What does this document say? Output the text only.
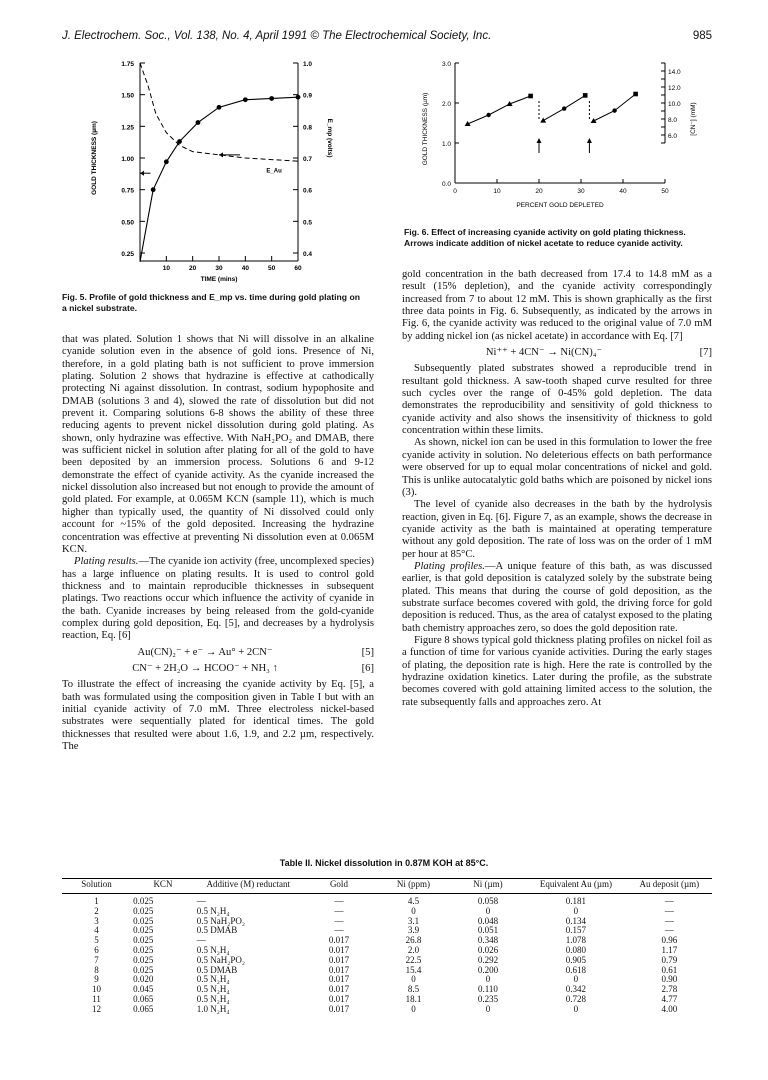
J. Electrochem. Soc., Vol. 138, No. 4, April 1991 © The Electrochemical Society, Inc.	985
0.25
0.50
0.75
1.00
1.25
1.50
1.75
0.4
0.5
0.6
0.7
0.8
0.9
1.0
10	20	30	40	50	60
TIME (mins)
GOLD THICKNESS (µm)	E_mp (volts)
E_Au
Fig. 5. Profile of gold thickness and E_mp vs. time during gold plating on a nickel substrate.
0.0
1.0
2.0
3.0
6.0
8.0
10.0
12.0
14.0
0	10	20	30	40	50
PERCENT GOLD DEPLETED
GOLD THICKNESS (µm)	[CN⁻] (mM)
Fig. 6. Effect of increasing cyanide activity on gold plating thickness. Arrows indicate addition of nickel acetate to reduce cyanide activity.

that was plated. Solution 1 shows that Ni will dissolve in an alkaline cyanide solution even in the absence of gold ions. Presence of Ni, therefore, in a gold plating bath is not sufficient to prove immersion plating. Solution 2 shows that hydrazine is effective at cathodically protecting Ni against dissolution. In contrast, sodium hypophosite and DMAB (solutions 3 and 4), slowed the rate of dissolution but did not prevent it. Comparing solutions 6-8 shows the ability of these three reducing agents to prevent nickel dissolution during gold plating. As shown, only hydrazine was effective. With NaH₂PO₂ and DMAB, there was sufficient nickel in solution after plating for all of the gold to have been deposited by an immersion process. Solutions 6 and 9-12 demonstrate the effect of cyanide activity. As the cyanide increased the nickel dissolution also increased but not enough to provide the amount of gold plated. For example, at 0.065M KCN (sample 11), which is much higher than typically used, the quantity of Ni dissolved could only account for ~15% of the gold deposited. Increasing the hydrazine concentration was effective at preventing Ni dissolution even at 0.065M KCN.

Plating results.—The cyanide ion activity (free, uncomplexed species) has a large influence on plating results. It is used to control gold thickness and to maintain reproducible thicknesses in subsequent platings. Two reactions occur which influence the activity of cyanide in the bath. Cyanide increases by being released from the gold-cyanide complex during gold deposition, Eq. [5], and decreases by a hydrolysis reaction, Eq. [6]

Au(CN)₂⁻ + e⁻ → Au° + 2CN⁻	[5]
CN⁻ + 2H₂O → HCOO⁻ + NH₃ ↑	[6]

To illustrate the effect of increasing the cyanide activity by Eq. [5], a bath was formulated using the composition given in Table I but with an initial cyanide activity of 7.0 mM. Three electroless nickel-based substrates were sequentially plated for identical times. The gold thicknesses that resulted were about 1.6, 1.9, and 2.2 µm, respectively. The

gold concentration in the bath decreased from 17.4 to 14.8 mM as a result (15% depletion), and the cyanide activity correspondingly increased from 7 to about 12 mM. This is shown graphically as the first three data points in Fig. 6. Subsequently, as indicated by the arrows in Fig. 6, the cyanide activity was reduced to the original value of 7.0 mM by adding nickel ion (as nickel acetate) in accordance with Eq. [7]

Ni⁺⁺ + 4CN⁻ → Ni(CN)₄⁻	[7]

Subsequently plated substrates showed a reproducible trend in resultant gold thickness. A saw-tooth shaped curve resulted for three such cycles over the range of 0-45% gold depletion. The data demonstrates the reproducibility and sensitivity of gold thickness to cyanide activity and also shows the insensitivity of thickness to gold concentration within these limits.

As shown, nickel ion can be used in this formulation to lower the free cyanide activity in solution. No deleterious effects on bath performance were observed for up to equal molar concentrations of nickel and gold. This is unlike autocatalytic gold baths which are poisoned by nickel ions (3).

The level of cyanide also decreases in the bath by the hydrolysis reaction, given in Eq. [6]. Figure 7, as an example, shows the decrease in cyanide activity as the bath is maintained at operating temperature without any gold deposition. The rate of loss was on the order of 1 mM per hour at 85°C.

Plating profiles.—A unique feature of this bath, as was discussed earlier, is that gold deposition is catalyzed solely by the substrate being plated. This means that during the course of gold deposition, as the substrate surface becomes covered with gold, the driving force for gold deposition is reduced. Thus, as the area of catalyst exposed to the plating bath chemistry approaches zero, so does the gold deposition rate.

Figure 8 shows typical gold thickness plating profiles on nickel foil as a function of time for various cyanide activities. During the early stages of plating, the deposition rate is high. Here the rate is controlled by the hydrazine oxidation kinetics. Later during the profile, as the substrate becomes covered with gold attaining limited access to the solution, the rate subsequently falls and approaches zero. At

Table II. Nickel dissolution in 0.87M KOH at 85°C.
Solution	KCN	Additive (M) reductant	Gold	Ni (ppm)	Ni (µm)	Equivalent Au (µm)	Au deposit (µm)
1	0.025	—	—	4.5	0.058	0.181	—
2	0.025	0.5 N₂H₄	—	0	0	0	—
3	0.025	0.5 NaH₂PO₂	—	3.1	0.048	0.134	—
4	0.025	0.5 DMAB	—	3.9	0.051	0.157	—
5	0.025	—	0.017	26.8	0.348	1.078	0.96
6	0.025	0.5 N₂H₄	0.017	2.0	0.026	0.080	1.17
7	0.025	0.5 NaH₂PO₂	0.017	22.5	0.292	0.905	0.79
8	0.025	0.5 DMAB	0.017	15.4	0.200	0.618	0.61
9	0.020	0.5 N₂H₄	0.017	0	0	0	0.90
10	0.045	0.5 N₂H₄	0.017	8.5	0.110	0.342	2.78
11	0.065	0.5 N₂H₄	0.017	18.1	0.235	0.728	4.77
12	0.065	1.0 N₂H₄	0.017	0	0	0	4.00
